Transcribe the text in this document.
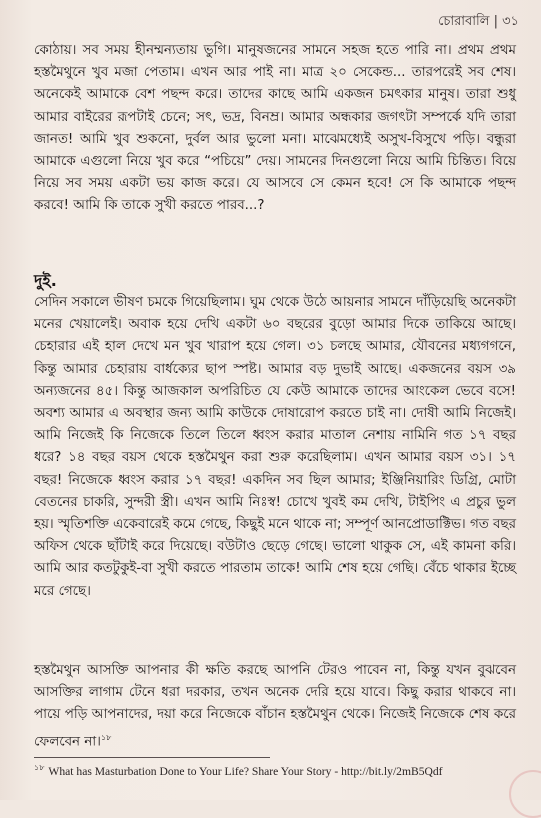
চোরাবালি | ৩১

কোঠায়। সব সময় হীনম্মন্যতায় ভুগি। মানুষজনের সামনে সহজ হতে পারি না। প্রথম প্রথম হস্তমৈথুনে খুব মজা পেতাম। এখন আর পাই না। মাত্র ২০ সেকেন্ড... তারপরেই সব শেষ। অনেকেই আমাকে বেশ পছন্দ করে। তাদের কাছে আমি একজন চমৎকার মানুষ। তারা শুধু আমার বাইরের রূপটাই চেনে; সৎ, ভদ্র, বিনম্র। আমার অন্ধকার জগৎটা সম্পর্কে যদি তারা জানত! আমি খুব শুকনো, দুর্বল আর ভুলো মনা। মাঝেমধ্যেই অসুখ-বিসুখে পড়ি। বন্ধুরা আমাকে এগুলো নিয়ে খুব করে “পচিয়ে” দেয়। সামনের দিনগুলো নিয়ে আমি চিন্তিত। বিয়ে নিয়ে সব সময় একটা ভয় কাজ করে। যে আসবে সে কেমন হবে! সে কি আমাকে পছন্দ করবে! আমি কি তাকে সুখী করতে পারব...?

দুই.

সেদিন সকালে ভীষণ চমকে গিয়েছিলাম। ঘুম থেকে উঠে আয়নার সামনে দাঁড়িয়েছি অনেকটা মনের খেয়ালেই। অবাক হয়ে দেখি একটা ৬০ বছরের বুড়ো আমার দিকে তাকিয়ে আছে। চেহারার এই হাল দেখে মন খুব খারাপ হয়ে গেল। ৩১ চলছে আমার, যৌবনের মধ্যগগনে, কিন্তু আমার চেহারায় বার্ধক্যের ছাপ স্পষ্ট। আমার বড় দুভাই আছে। একজনের বয়স ৩৯ অন্যজনের ৪৫। কিন্তু আজকাল অপরিচিত যে কেউ আমাকে তাদের আংকেল ভেবে বসে! অবশ্য আমার এ অবস্থার জন্য আমি কাউকে দোষারোপ করতে চাই না। দোষী আমি নিজেই। আমি নিজেই কি নিজেকে তিলে তিলে ধ্বংস করার মাতাল নেশায় নামিনি গত ১৭ বছর ধরে? ১৪ বছর বয়স থেকে হস্তমৈথুন করা শুরু করেছিলাম। এখন আমার বয়স ৩১। ১৭ বছর! নিজেকে ধ্বংস করার ১৭ বছর! একদিন সব ছিল আমার; ইঞ্জিনিয়ারিং ডিগ্রি, মোটা বেতনের চাকরি, সুন্দরী স্ত্রী। এখন আমি নিঃস্ব! চোখে খুবই কম দেখি, টাইপিং এ প্রচুর ভুল হয়। স্মৃতিশক্তি একেবারেই কমে গেছে, কিছুই মনে থাকে না; সম্পূর্ণ আনপ্রোডাক্টিভ। গত বছর অফিস থেকে ছাঁটাই করে দিয়েছে। বউটাও ছেড়ে গেছে। ভালো থাকুক সে, এই কামনা করি। আমি আর কতটুকুই-বা সুখী করতে পারতাম তাকে! আমি শেষ হয়ে গেছি। বেঁচে থাকার ইচ্ছে মরে গেছে।

হস্তমৈথুন আসক্তি আপনার কী ক্ষতি করছে আপনি টেরও পাবেন না, কিন্তু যখন বুঝবেন আসক্তির লাগাম টেনে ধরা দরকার, তখন অনেক দেরি হয়ে যাবে। কিছু করার থাকবে না। পায়ে পড়ি আপনাদের, দয়া করে নিজেকে বাঁচান হস্তমৈথুন থেকে। নিজেই নিজেকে শেষ করে ফেলবেন না।$^{১৮}$

$^{১৮}$ What has Masturbation Done to Your Life? Share Your Story - http://bit.ly/2mB5Qdf
